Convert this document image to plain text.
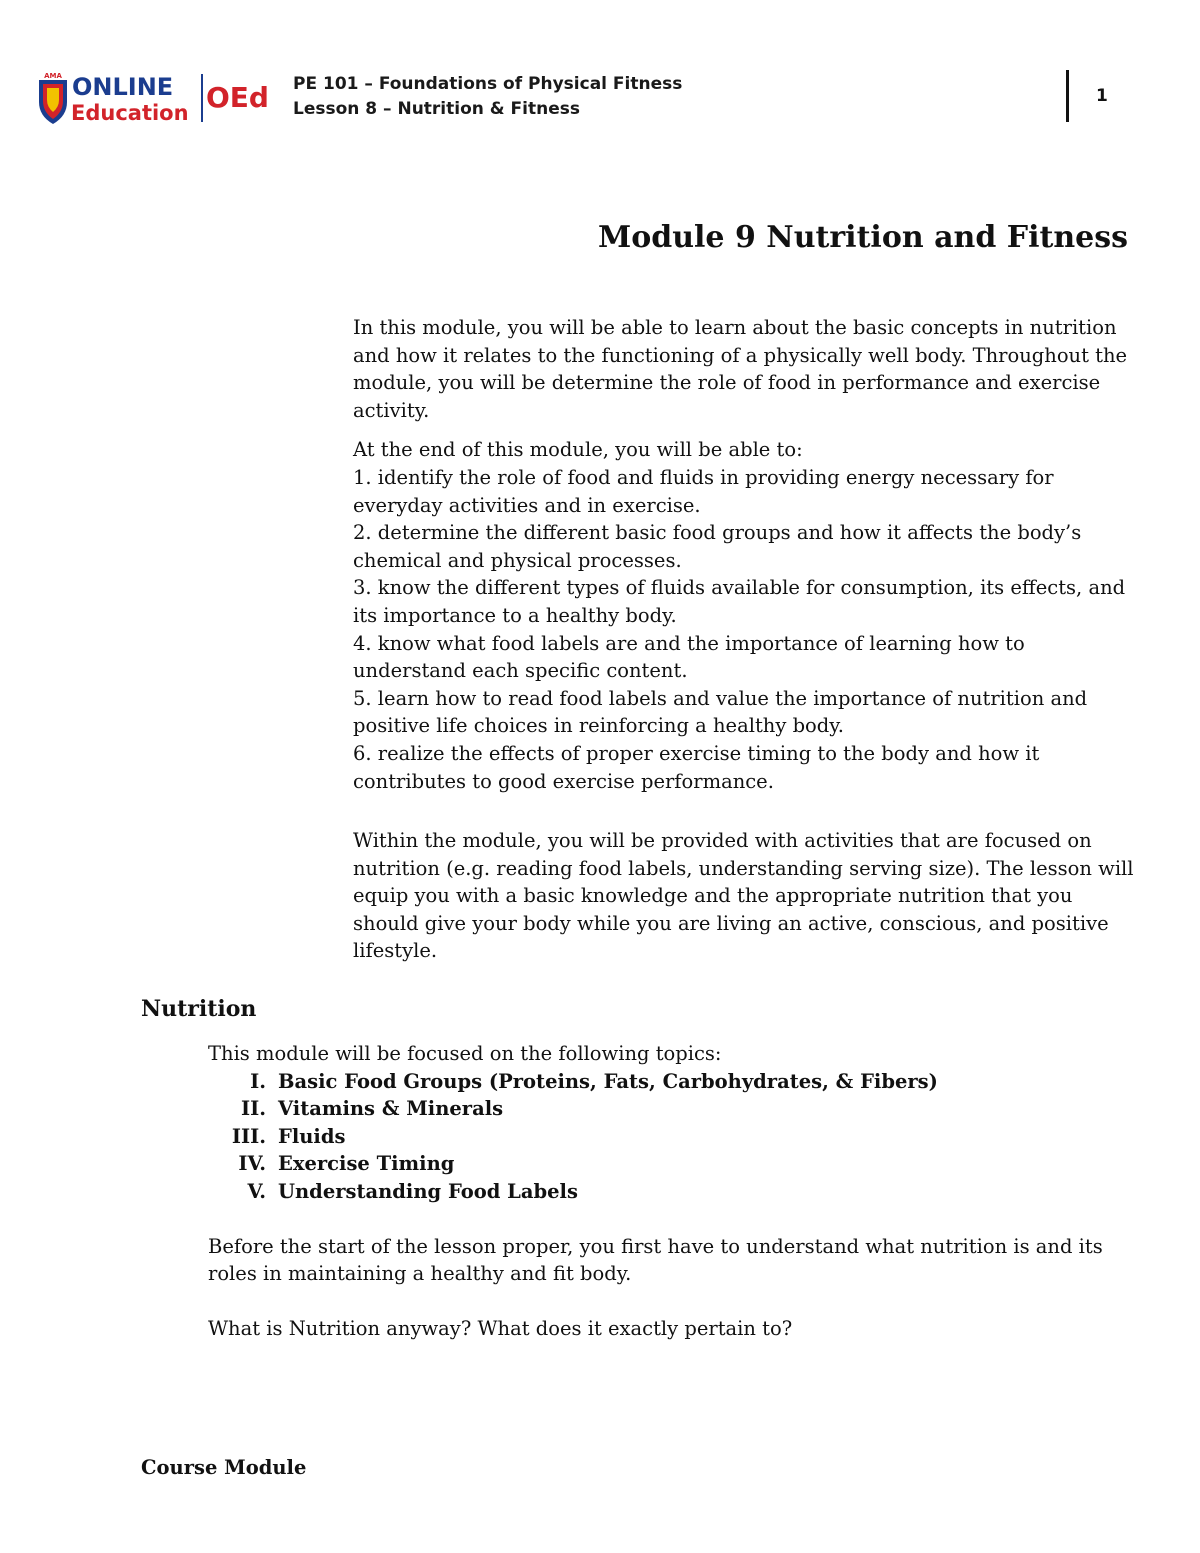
AMA ONLINE
Education OEd PE 101 – Foundations of Physical Fitness
Lesson 8 – Nutrition & Fitness
1
Module 9 Nutrition and Fitness

In this module, you will be able to learn about the basic concepts in nutrition and how it relates to the functioning of a physically well body. Throughout the module, you will be determine the role of food in performance and exercise activity.

At the end of this module, you will be able to:

1. identify the role of food and fluids in providing energy necessary for everyday activities and in exercise.

2. determine the different basic food groups and how it affects the body’s chemical and physical processes.

3. know the different types of fluids available for consumption, its effects, and its importance to a healthy body.

4. know what food labels are and the importance of learning how to understand each specific content.

5. learn how to read food labels and value the importance of nutrition and positive life choices in reinforcing a healthy body.

6. realize the effects of proper exercise timing to the body and how it contributes to good exercise performance.

Within the module, you will be provided with activities that are focused on nutrition (e.g. reading food labels, understanding serving size). The lesson will equip you with a basic knowledge and the appropriate nutrition that you should give your body while you are living an active, conscious, and positive lifestyle.

Nutrition

This module will be focused on the following topics:

I. Basic Food Groups (Proteins, Fats, Carbohydrates, & Fibers)
II. Vitamins & Minerals
III. Fluids
IV. Exercise Timing
V. Understanding Food Labels

Before the start of the lesson proper, you first have to understand what nutrition is and its roles in maintaining a healthy and fit body.

What is Nutrition anyway? What does it exactly pertain to?

Course Module
